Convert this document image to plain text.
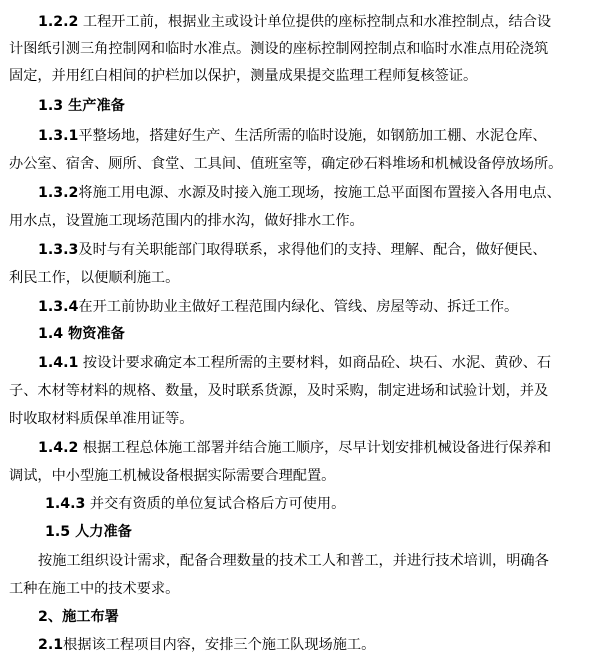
1.2.2 工程开工前，根据业主或设计单位提供的座标控制点和水准控制点，结合设
计图纸引测三角控制网和临时水准点。测设的座标控制网控制点和临时水准点用砼浇筑
固定，并用红白相间的护栏加以保护，测量成果提交监理工程师复核签证。
1.3 生产准备
1.3.1平整场地，搭建好生产、生活所需的临时设施，如钢筋加工棚、水泥仓库、
办公室、宿舍、厕所、食堂、工具间、值班室等，确定砂石料堆场和机械设备停放场所。
1.3.2将施工用电源、水源及时接入施工现场，按施工总平面图布置接入各用电点、
用水点，设置施工现场范围内的排水沟，做好排水工作。
1.3.3及时与有关职能部门取得联系，求得他们的支持、理解、配合，做好便民、
利民工作，以便顺利施工。
1.3.4在开工前协助业主做好工程范围内绿化、管线、房屋等动、拆迁工作。
1.4 物资准备
1.4.1 按设计要求确定本工程所需的主要材料，如商品砼、块石、水泥、黄砂、石
子、木材等材料的规格、数量，及时联系货源，及时采购，制定进场和试验计划，并及
时收取材料质保单准用证等。
1.4.2 根据工程总体施工部署并结合施工顺序，尽早计划安排机械设备进行保养和
调试，中小型施工机械设备根据实际需要合理配置。
1.4.3 并交有资质的单位复试合格后方可使用。
1.5 人力准备
按施工组织设计需求，配备合理数量的技术工人和普工，并进行技术培训，明确各
工种在施工中的技术要求。
2、施工布署
2.1根据该工程项目内容，安排三个施工队现场施工。
